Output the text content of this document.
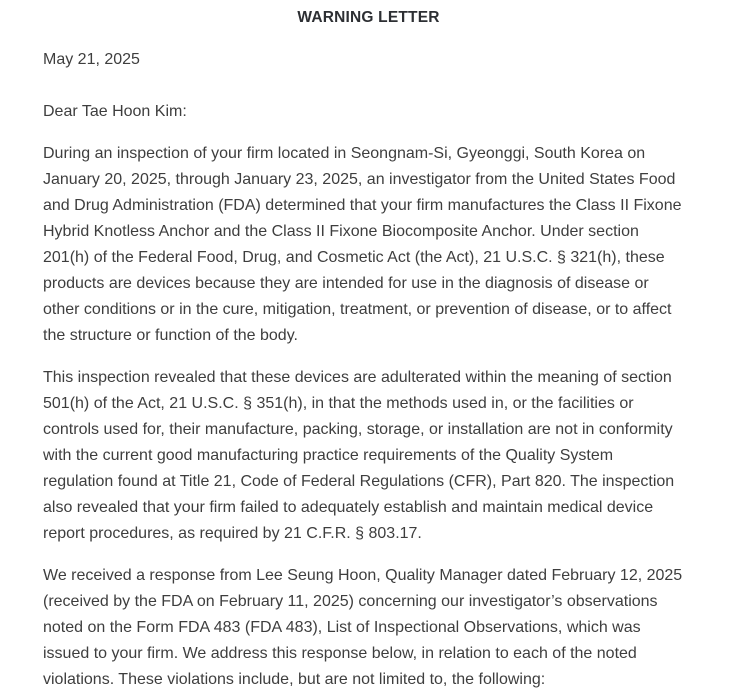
WARNING LETTER
May 21, 2025
Dear Tae Hoon Kim:
During an inspection of your firm located in Seongnam-Si, Gyeonggi, South Korea on
January 20, 2025, through January 23, 2025, an investigator from the United States Food
and Drug Administration (FDA) determined that your firm manufactures the Class II Fixone
Hybrid Knotless Anchor and the Class II Fixone Biocomposite Anchor. Under section
201(h) of the Federal Food, Drug, and Cosmetic Act (the Act), 21 U.S.C. § 321(h), these
products are devices because they are intended for use in the diagnosis of disease or
other conditions or in the cure, mitigation, treatment, or prevention of disease, or to affect
the structure or function of the body.
This inspection revealed that these devices are adulterated within the meaning of section
501(h) of the Act, 21 U.S.C. § 351(h), in that the methods used in, or the facilities or
controls used for, their manufacture, packing, storage, or installation are not in conformity
with the current good manufacturing practice requirements of the Quality System
regulation found at Title 21, Code of Federal Regulations (CFR), Part 820. The inspection
also revealed that your firm failed to adequately establish and maintain medical device
report procedures, as required by 21 C.F.R. § 803.17.
We received a response from Lee Seung Hoon, Quality Manager dated February 12, 2025
(received by the FDA on February 11, 2025) concerning our investigator’s observations
noted on the Form FDA 483 (FDA 483), List of Inspectional Observations, which was
issued to your firm. We address this response below, in relation to each of the noted
violations. These violations include, but are not limited to, the following:
